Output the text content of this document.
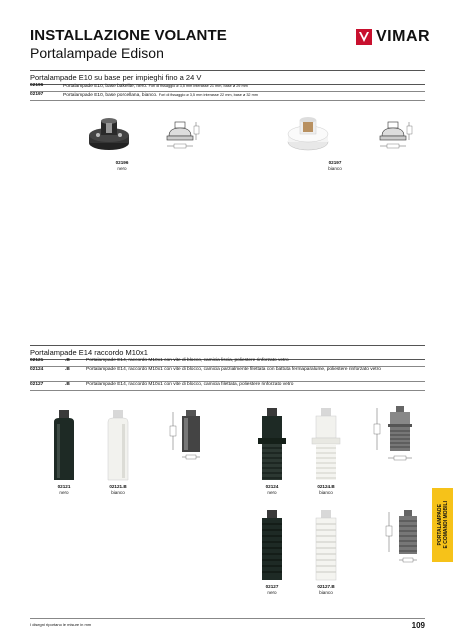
INSTALLAZIONE VOLANTE
Portalampade Edison
VIMAR
Portalampade E10 su base per impieghi fino a 24 V
02196	Portalampade E10, base bakelite, nero. Fori di fissaggio ø 3,5 mm interasse 21 mm, base ø 29 mm
02197	Portalampade E10, base porcellana, bianco. Fori di fissaggio ø 3,5 mm interasse 22 mm, base ø 32 mm
02196
nero
02197
bianco
Portalampade E14 raccordo M10x1
02121	.B	Portalampade E14, raccordo M10x1 con vite di blocco, camicia liscia, poliestere rinforzato vetro
02124	.B	Portalampade E14, raccordo M10x1 con vite di blocco, camicia parzialmente filettata con battuta fermaparalume, poliestere rinforzato vetro
02127	.B	Portalampade E14, raccordo M10x1 con vite di blocco, camicia filettata, poliestere rinforzato vetro
02121
nero
02121.B
bianco
02124
nero
02124.B
bianco
02127
nero
02127.B
bianco
PORTALAMPADE
E COMANDI MOBILI
I disegni riportano le misure in mm	109
